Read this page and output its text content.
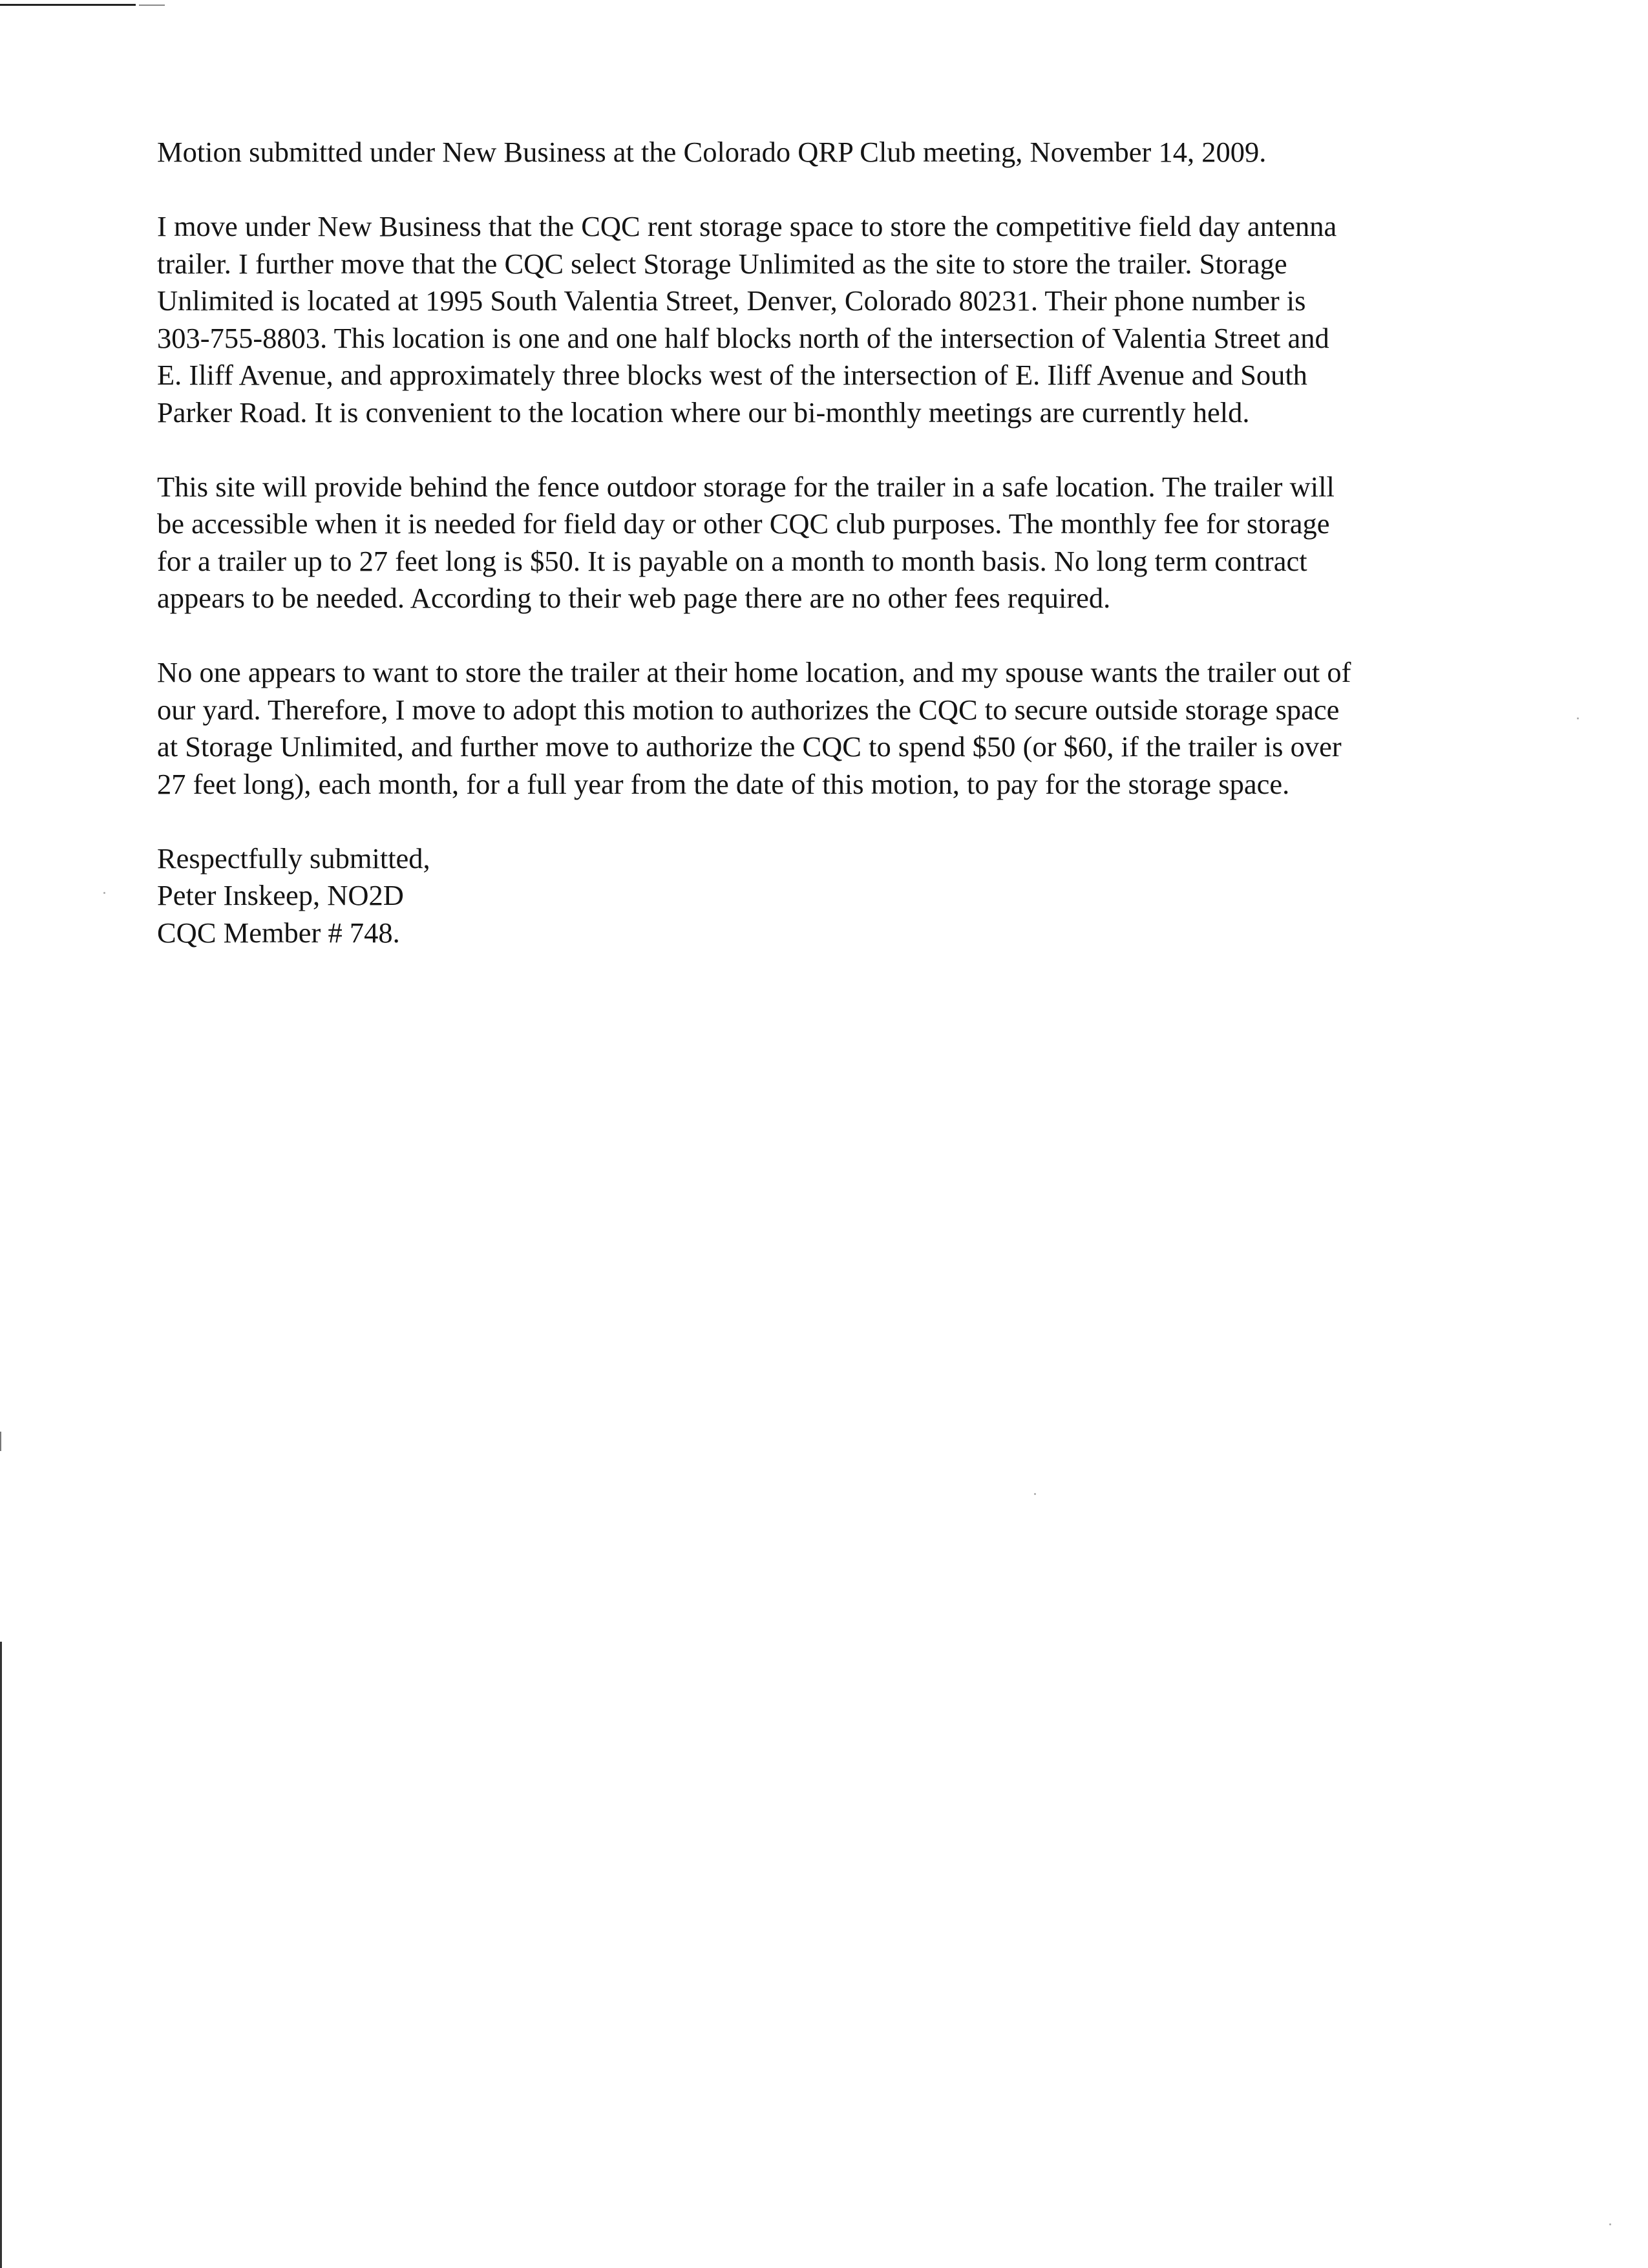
Motion submitted under New Business at the Colorado QRP Club meeting, November 14, 2009.

I move under New Business that the CQC rent storage space to store the competitive field day antenna
trailer. I further move that the CQC select Storage Unlimited as the site to store the trailer. Storage
Unlimited is located at 1995 South Valentia Street, Denver, Colorado 80231. Their phone number is
303-755-8803. This location is one and one half blocks north of the intersection of Valentia Street and
E. Iliff Avenue, and approximately three blocks west of the intersection of E. Iliff Avenue and South
Parker Road. It is convenient to the location where our bi-monthly meetings are currently held.

This site will provide behind the fence outdoor storage for the trailer in a safe location. The trailer will
be accessible when it is needed for field day or other CQC club purposes. The monthly fee for storage
for a trailer up to 27 feet long is $50. It is payable on a month to month basis. No long term contract
appears to be needed. According to their web page there are no other fees required.

No one appears to want to store the trailer at their home location, and my spouse wants the trailer out of
our yard. Therefore, I move to adopt this motion to authorizes the CQC to secure outside storage space
at Storage Unlimited, and further move to authorize the CQC to spend $50 (or $60, if the trailer is over
27 feet long), each month, for a full year from the date of this motion, to pay for the storage space.

Respectfully submitted,
Peter Inskeep, NO2D
CQC Member # 748.
